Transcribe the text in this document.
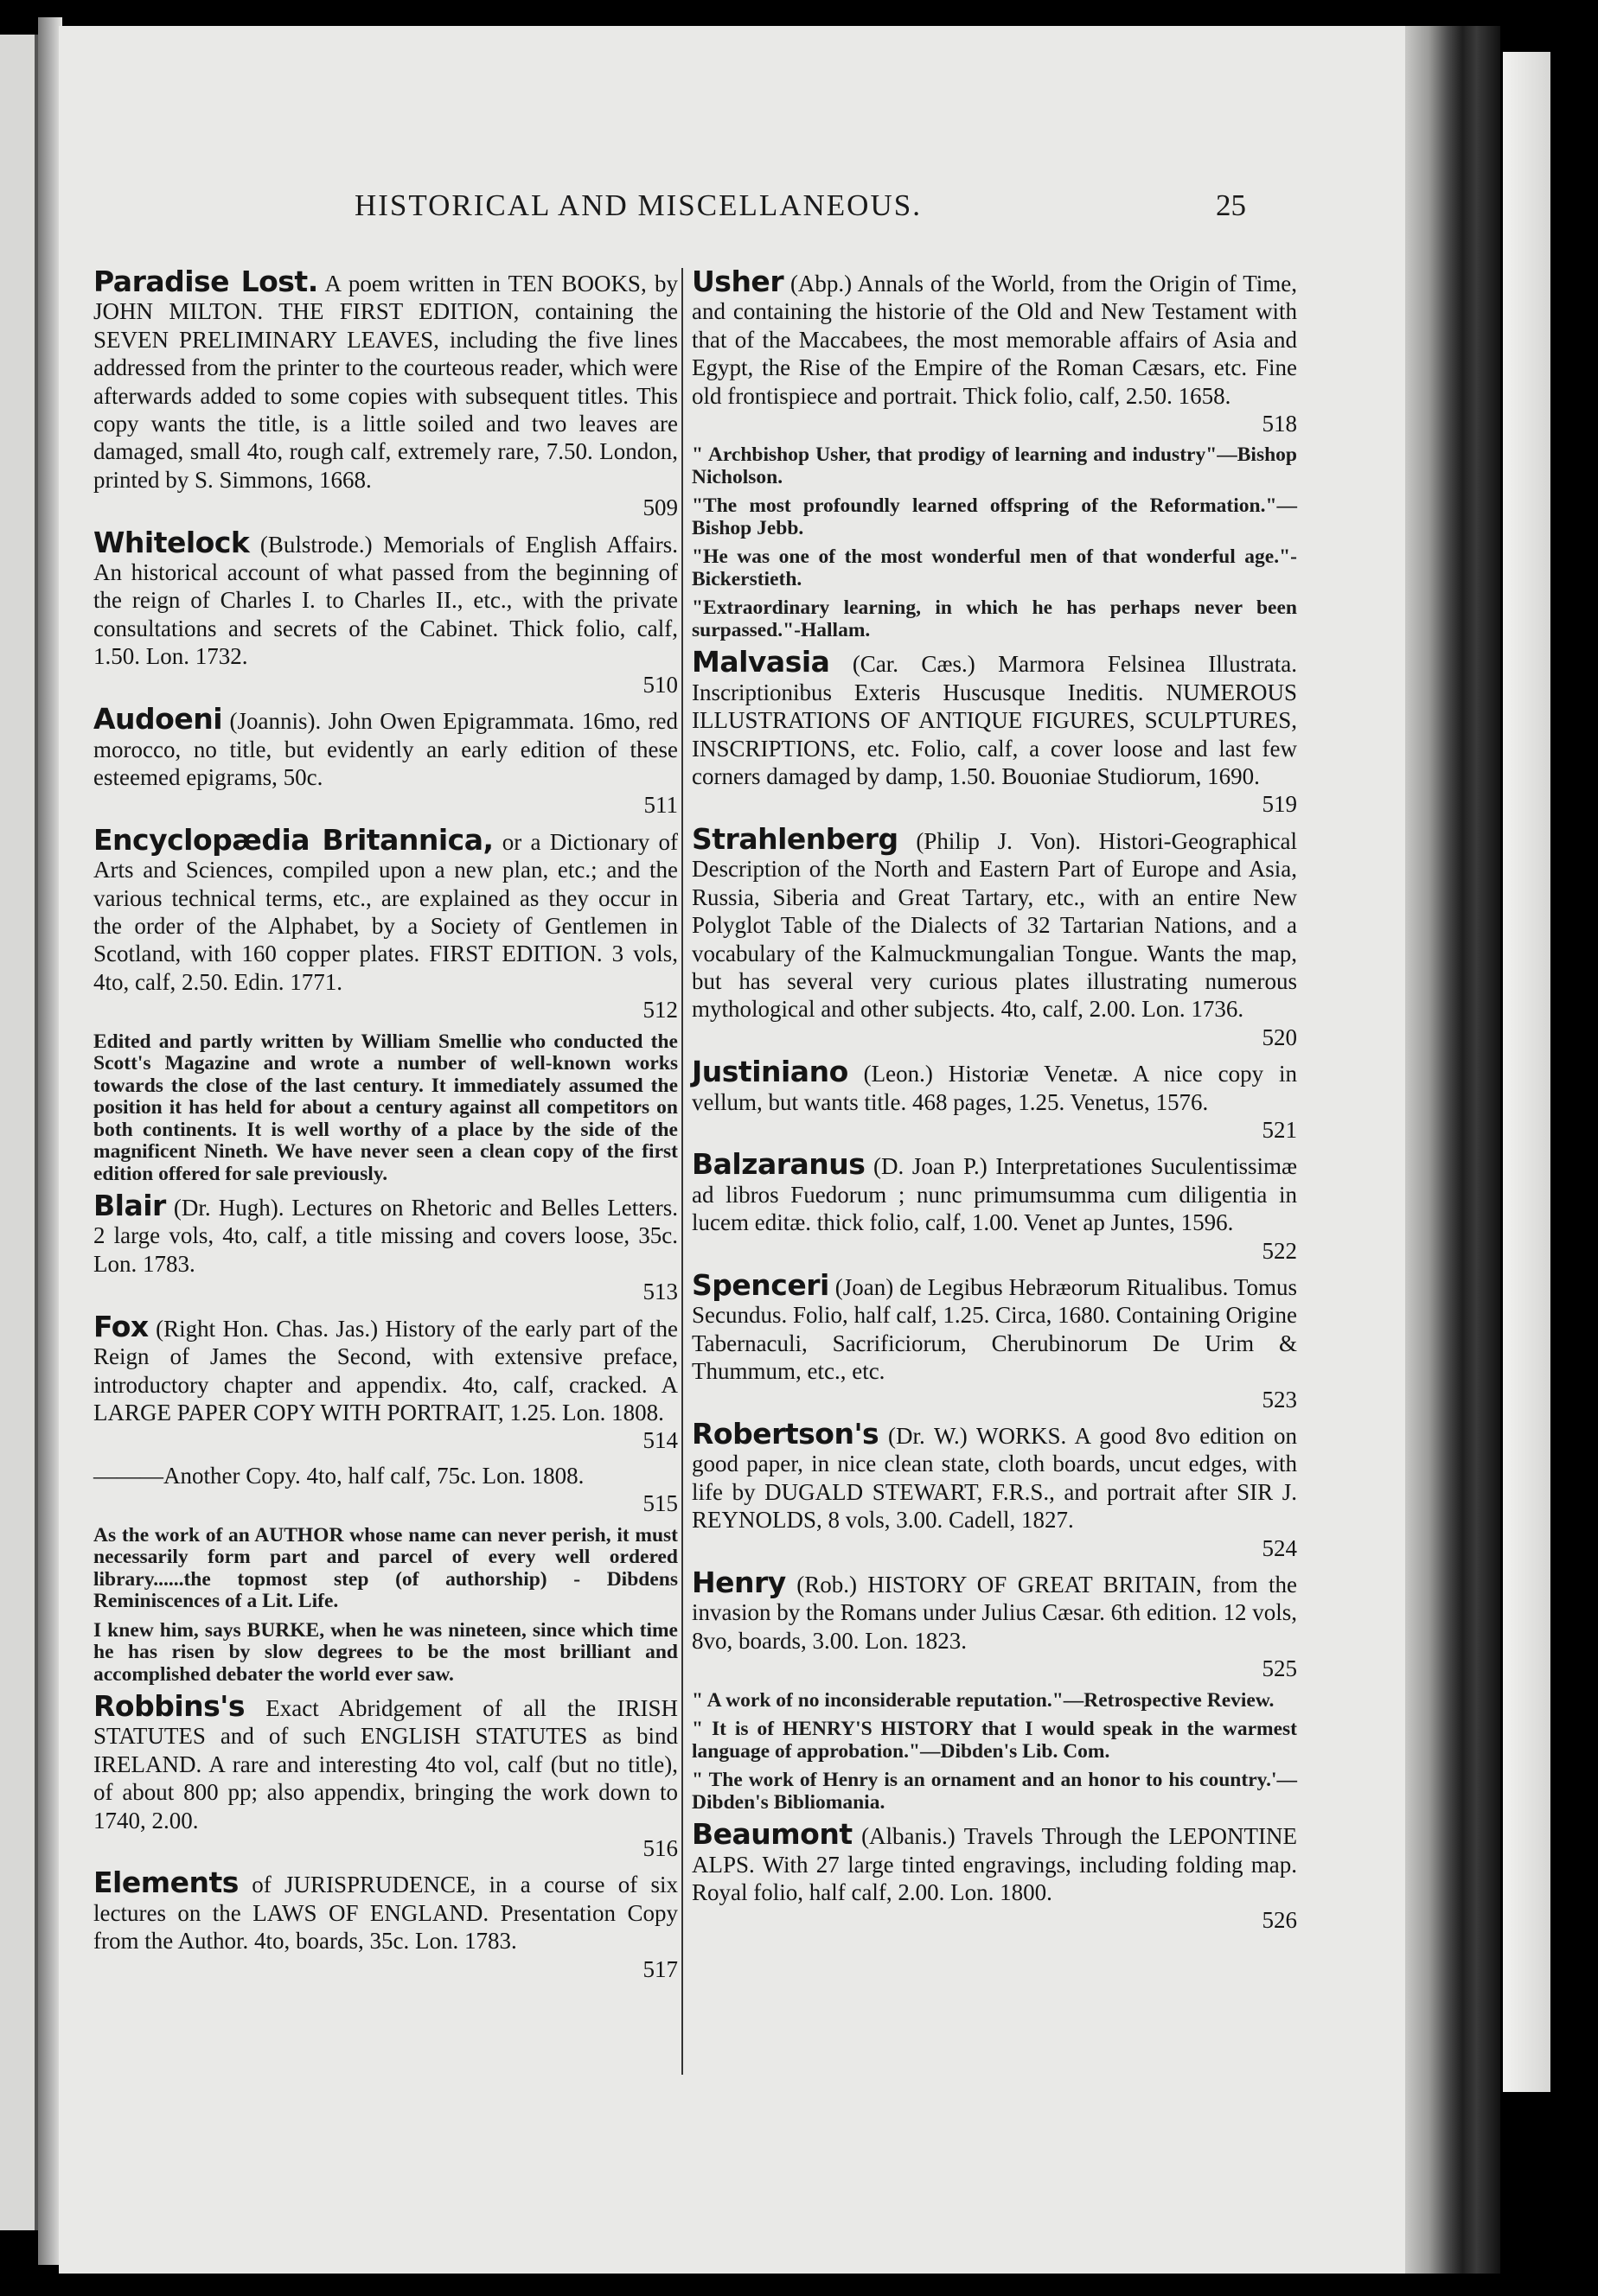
HISTORICAL AND MISCELLANEOUS.	25
Paradise Lost. A poem written in TEN BOOKS, by JOHN MILTON. THE FIRST EDITION, containing the SEVEN PRELIMINARY LEAVES, including the five lines addressed from the printer to the courteous reader, which were afterwards added to some copies with subsequent titles. This copy wants the title, is a little soiled and two leaves are damaged, small 4to, rough calf, extremely rare, 7.50. London, printed by S. Simmons, 1668.
509
Whitelock (Bulstrode.) Memorials of English Affairs. An historical account of what passed from the beginning of the reign of Charles I. to Charles II., etc., with the private consultations and secrets of the Cabinet. Thick folio, calf, 1.50. Lon. 1732.
510
Audoeni (Joannis). John Owen Epigrammata. 16mo, red morocco, no title, but evidently an early edition of these esteemed epigrams, 50c.
511
Encyclopædia Britannica, or a Dictionary of Arts and Sciences, compiled upon a new plan, etc.; and the various technical terms, etc., are explained as they occur in the order of the Alphabet, by a Society of Gentlemen in Scotland, with 160 copper plates. FIRST EDITION. 3 vols, 4to, calf, 2.50. Edin. 1771.
512
Edited and partly written by William Smellie who conducted the Scott's Magazine and wrote a number of well-known works towards the close of the last century. It immediately assumed the position it has held for about a century against all competitors on both continents. It is well worthy of a place by the side of the magnificent Nineth. We have never seen a clean copy of the first edition offered for sale previously.
Blair (Dr. Hugh). Lectures on Rhetoric and Belles Letters. 2 large vols, 4to, calf, a title missing and covers loose, 35c. Lon. 1783.
513
Fox (Right Hon. Chas. Jas.) History of the early part of the Reign of James the Second, with extensive preface, introductory chapter and appendix. 4to, calf, cracked. A LARGE PAPER COPY WITH PORTRAIT, 1.25. Lon. 1808.
514
———Another Copy. 4to, half calf, 75c. Lon. 1808.
515
As the work of an AUTHOR whose name can never perish, it must necessarily form part and parcel of every well ordered library......the topmost step (of authorship) - Dibdens Reminiscences of a Lit. Life.
I knew him, says BURKE, when he was nineteen, since which time he has risen by slow degrees to be the most brilliant and accomplished debater the world ever saw.
Robbins's Exact Abridgement of all the IRISH STATUTES and of such ENGLISH STATUTES as bind IRELAND. A rare and interesting 4to vol, calf (but no title), of about 800 pp; also appendix, bringing the work down to 1740, 2.00.
516
Elements of JURISPRUDENCE, in a course of six lectures on the LAWS OF ENGLAND. Presentation Copy from the Author. 4to, boards, 35c. Lon. 1783.
517
Usher (Abp.) Annals of the World, from the Origin of Time, and containing the historie of the Old and New Testament with that of the Maccabees, the most memorable affairs of Asia and Egypt, the Rise of the Empire of the Roman Cæsars, etc. Fine old frontispiece and portrait. Thick folio, calf, 2.50. 1658.
518
" Archbishop Usher, that prodigy of learning and industry"—Bishop Nicholson.
"The most profoundly learned offspring of the Reformation."—Bishop Jebb.
"He was one of the most wonderful men of that wonderful age."-Bickerstieth.
"Extraordinary learning, in which he has perhaps never been surpassed."-Hallam.
Malvasia (Car. Cæs.) Marmora Felsinea Illustrata. Inscriptionibus Exteris Huscusque Ineditis. NUMEROUS ILLUSTRATIONS OF ANTIQUE FIGURES, SCULPTURES, INSCRIPTIONS, etc. Folio, calf, a cover loose and last few corners damaged by damp, 1.50. Bouoniae Studiorum, 1690.
519
Strahlenberg (Philip J. Von). Histori-Geographical Description of the North and Eastern Part of Europe and Asia, Russia, Siberia and Great Tartary, etc., with an entire New Polyglot Table of the Dialects of 32 Tartarian Nations, and a vocabulary of the Kalmuckmungalian Tongue. Wants the map, but has several very curious plates illustrating numerous mythological and other subjects. 4to, calf, 2.00. Lon. 1736.
520
Justiniano (Leon.) Historiæ Venetæ. A nice copy in vellum, but wants title. 468 pages, 1.25. Venetus, 1576.
521
Balzaranus (D. Joan P.) Interpretationes Suculentissimæ ad libros Fuedorum ; nunc primumsumma cum diligentia in lucem editæ. thick folio, calf, 1.00. Venet ap Juntes, 1596.
522
Spenceri (Joan) de Legibus Hebræorum Ritualibus. Tomus Secundus. Folio, half calf, 1.25. Circa, 1680. Containing Origine Tabernaculi, Sacrificiorum, Cherubinorum De Urim & Thummum, etc., etc.
523
Robertson's (Dr. W.) WORKS. A good 8vo edition on good paper, in nice clean state, cloth boards, uncut edges, with life by DUGALD STEWART, F.R.S., and portrait after SIR J. REYNOLDS, 8 vols, 3.00. Cadell, 1827.
524
Henry (Rob.) HISTORY OF GREAT BRITAIN, from the invasion by the Romans under Julius Cæsar. 6th edition. 12 vols, 8vo, boards, 3.00. Lon. 1823.
525
" A work of no inconsiderable reputation."—Retrospective Review.
" It is of HENRY'S HISTORY that I would speak in the warmest language of approbation."—Dibden's Lib. Com.
" The work of Henry is an ornament and an honor to his country.'—Dibden's Bibliomania.
Beaumont (Albanis.) Travels Through the LEPONTINE ALPS. With 27 large tinted engravings, including folding map. Royal folio, half calf, 2.00. Lon. 1800.
526
